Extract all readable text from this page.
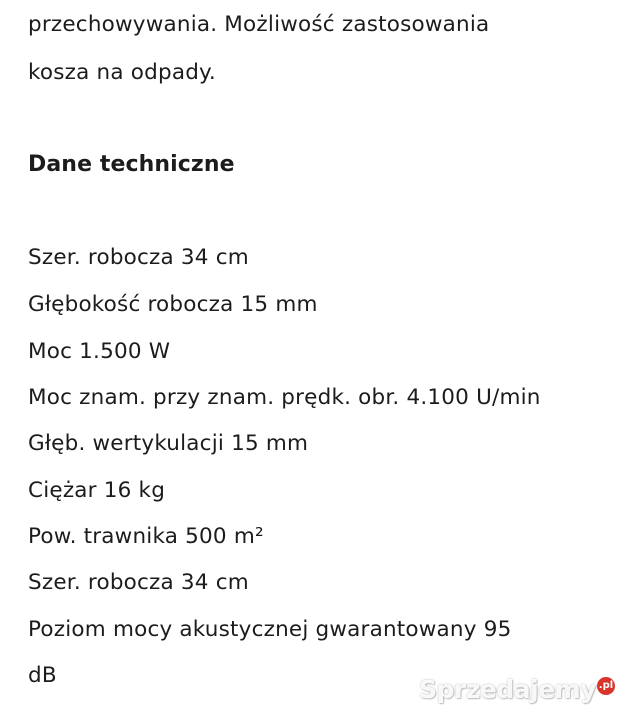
przechowywania. Możliwość zastosowania
kosza na odpady.
Dane techniczne
Szer. robocza 34 cm
Głębokość robocza 15 mm
Moc 1.500 W
Moc znam. przy znam. prędk. obr. 4.100 U/min
Głęb. wertykulacji 15 mm
Ciężar 16 kg
Pow. trawnika 500 m²
Szer. robocza 34 cm
Poziom mocy akustycznej gwarantowany 95
dB	Sprzedajemy .pl
